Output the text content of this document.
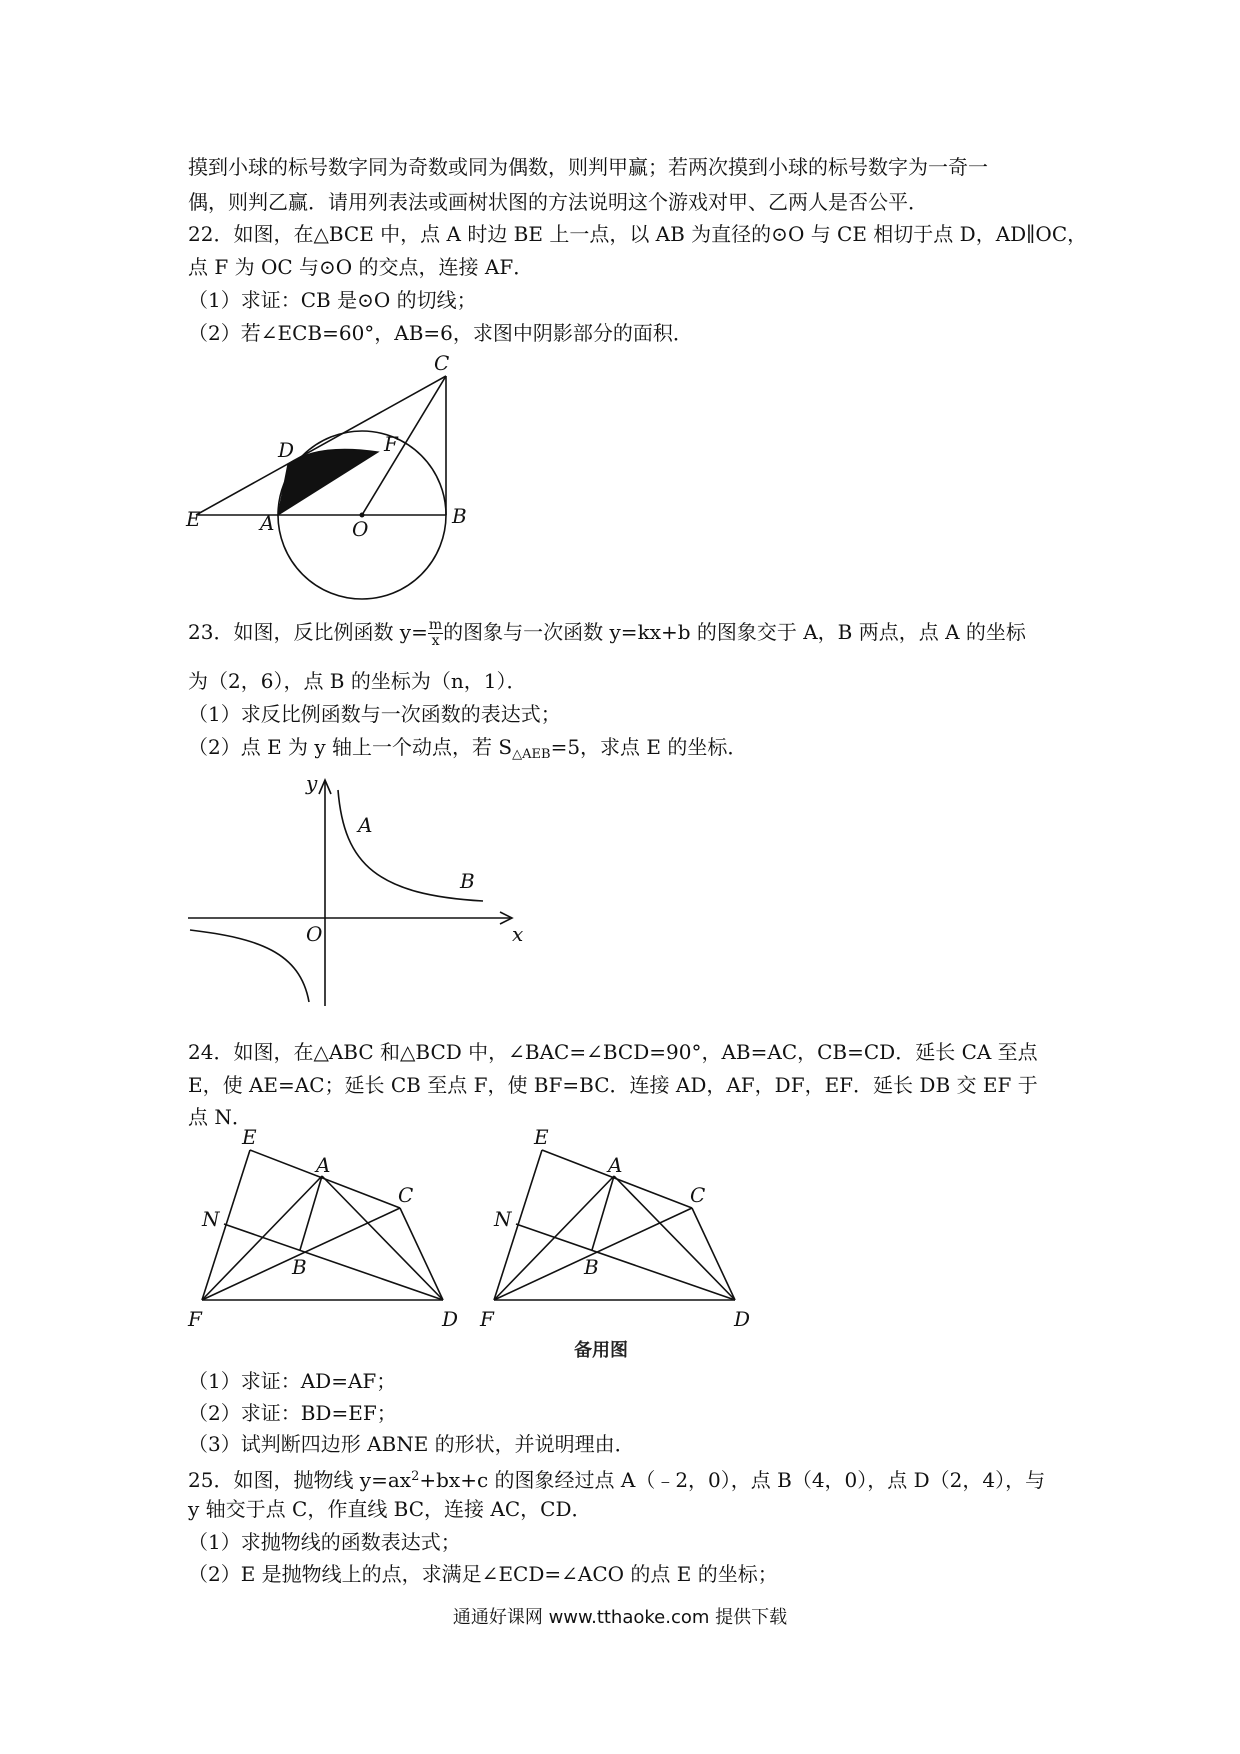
摸到小球的标号数字同为奇数或同为偶数，则判甲赢；若两次摸到小球的标号数字为一奇一
偶，则判乙赢．请用列表法或画树状图的方法说明这个游戏对甲、乙两人是否公平．
22．如图，在△BCE 中，点 A 时边 BE 上一点，以 AB 为直径的⊙O 与 CE 相切于点 D，AD∥OC，
点 F 为 OC 与⊙O 的交点，连接 AF．
（1）求证：CB 是⊙O 的切线；
（2）若∠ECB=60°，AB=6，求图中阴影部分的面积．
C
D	F
E	A	O
B
23．如图，反比例函数 $y= \frac{m}{x}$ 的图象与一次函数 y=kx+b 的图象交于 A，B 两点，点 A 的坐标
为（2，6），点 B 的坐标为（n，1）．
（1）求反比例函数与一次函数的表达式；
（2）点 E 为 y 轴上一个动点，若 $S_{\triangle AEB}=5$，求点 E 的坐标．
y
x
O
A
B
24．如图，在△ABC 和△BCD 中，∠BAC=∠BCD=90°，AB=AC，CB=CD．延长 CA 至点
E，使 AE=AC；延长 CB 至点 F，使 BF=BC．连接 AD，AF，DF，EF．延长 DB 交 EF 于
点 N．
E
A
C
N
B
F	D
E
A
C
N
B
F	D
备用图
（1）求证：AD=AF；
（2）求证：BD=EF；
（3）试判断四边形 ABNE 的形状，并说明理由．
25．如图，抛物线 $y=ax^2+bx+c$ 的图象经过点 A（﹣2，0），点 B（4，0），点 D（2，4），与
y 轴交于点 C，作直线 BC，连接 AC，CD．
（1）求抛物线的函数表达式；
（2）E 是抛物线上的点，求满足∠ECD=∠ACO 的点 E 的坐标；
通通好课网 www.tthaoke.com 提供下载
